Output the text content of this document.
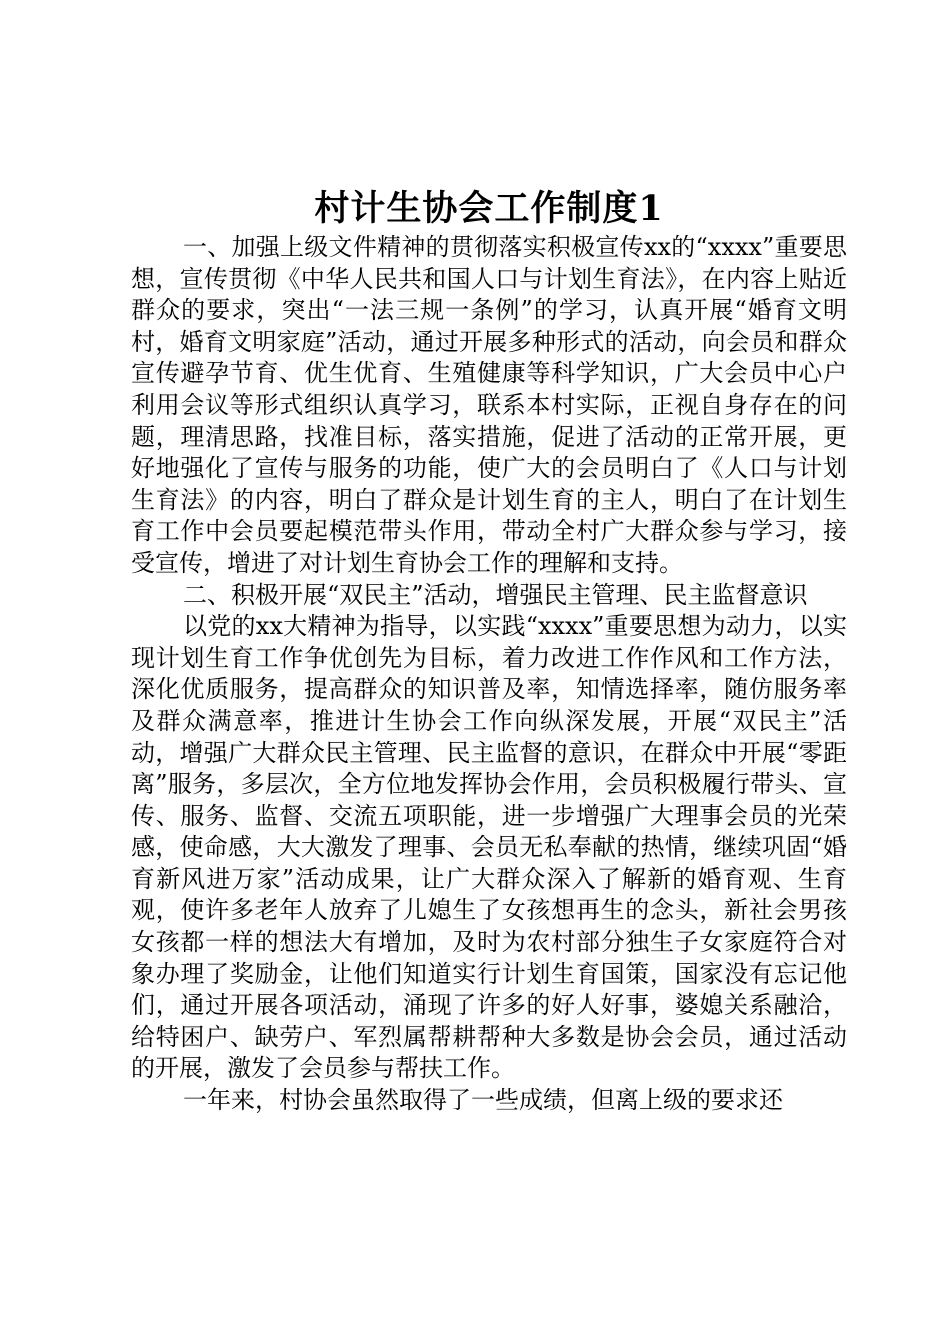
村计生协会工作制度1

一、加强上级文件精神的贯彻落实积极宣传xx的“xxxx”重要思想，宣传贯彻《中华人民共和国人口与计划生育法》，在内容上贴近群众的要求，突出“一法三规一条例”的学习，认真开展“婚育文明村，婚育文明家庭”活动，通过开展多种形式的活动，向会员和群众宣传避孕节育、优生优育、生殖健康等科学知识，广大会员中心户利用会议等形式组织认真学习，联系本村实际，正视自身存在的问题，理清思路，找准目标，落实措施，促进了活动的正常开展，更好地强化了宣传与服务的功能，使广大的会员明白了《人口与计划生育法》的内容，明白了群众是计划生育的主人，明白了在计划生育工作中会员要起模范带头作用，带动全村广大群众参与学习，接受宣传，增进了对计划生育协会工作的理解和支持。

二、积极开展“双民主”活动，增强民主管理、民主监督意识

以党的xx大精神为指导，以实践“xxxx”重要思想为动力，以实现计划生育工作争优创先为目标，着力改进工作作风和工作方法，深化优质服务，提高群众的知识普及率，知情选择率，随仿服务率及群众满意率，推进计生协会工作向纵深发展，开展“双民主”活动，增强广大群众民主管理、民主监督的意识，在群众中开展“零距离”服务，多层次，全方位地发挥协会作用，会员积极履行带头、宣传、服务、监督、交流五项职能，进一步增强广大理事会员的光荣感，使命感，大大激发了理事、会员无私奉献的热情，继续巩固“婚育新风进万家”活动成果，让广大群众深入了解新的婚育观、生育观，使许多老年人放弃了儿媳生了女孩想再生的念头，新社会男孩女孩都一样的想法大有增加，及时为农村部分独生子女家庭符合对象办理了奖励金，让他们知道实行计划生育国策，国家没有忘记他们，通过开展各项活动，涌现了许多的好人好事，婆媳关系融洽，给特困户、缺劳户、军烈属帮耕帮种大多数是协会会员，通过活动的开展，激发了会员参与帮扶工作。

一年来，村协会虽然取得了一些成绩，但离上级的要求还
